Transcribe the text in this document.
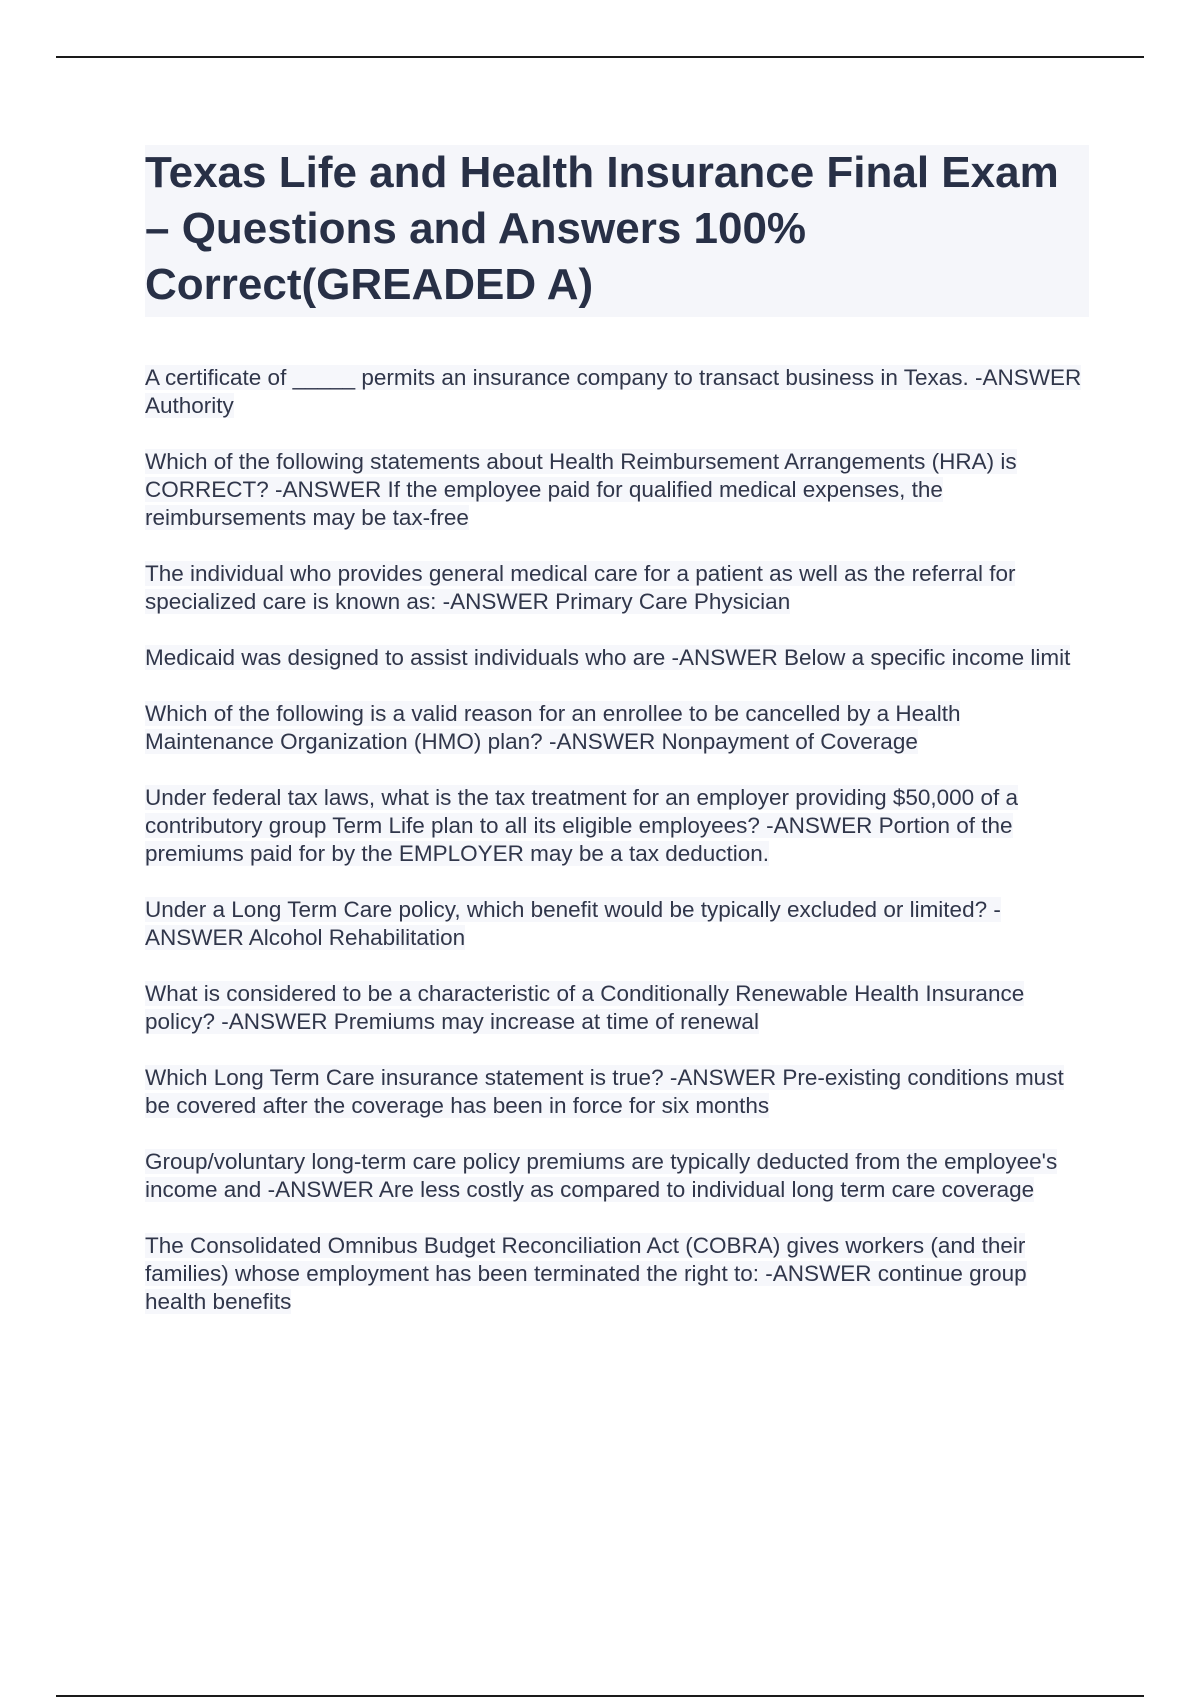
Texas Life and Health Insurance Final Exam – Questions and Answers 100% Correct(GREADED A)
A certificate of _____ permits an insurance company to transact business in Texas. -ANSWER Authority
Which of the following statements about Health Reimbursement Arrangements (HRA) is CORRECT? -ANSWER If the employee paid for qualified medical expenses, the reimbursements may be tax-free
The individual who provides general medical care for a patient as well as the referral for specialized care is known as: -ANSWER Primary Care Physician
Medicaid was designed to assist individuals who are -ANSWER Below a specific income limit
Which of the following is a valid reason for an enrollee to be cancelled by a Health Maintenance Organization (HMO) plan? -ANSWER Nonpayment of Coverage
Under federal tax laws, what is the tax treatment for an employer providing $50,000 of a contributory group Term Life plan to all its eligible employees? -ANSWER Portion of the premiums paid for by the EMPLOYER may be a tax deduction.
Under a Long Term Care policy, which benefit would be typically excluded or limited? -ANSWER Alcohol Rehabilitation
What is considered to be a characteristic of a Conditionally Renewable Health Insurance policy? -ANSWER Premiums may increase at time of renewal
Which Long Term Care insurance statement is true? -ANSWER Pre-existing conditions must be covered after the coverage has been in force for six months
Group/voluntary long-term care policy premiums are typically deducted from the employee's income and -ANSWER Are less costly as compared to individual long term care coverage
The Consolidated Omnibus Budget Reconciliation Act (COBRA) gives workers (and their families) whose employment has been terminated the right to: -ANSWER continue group health benefits
